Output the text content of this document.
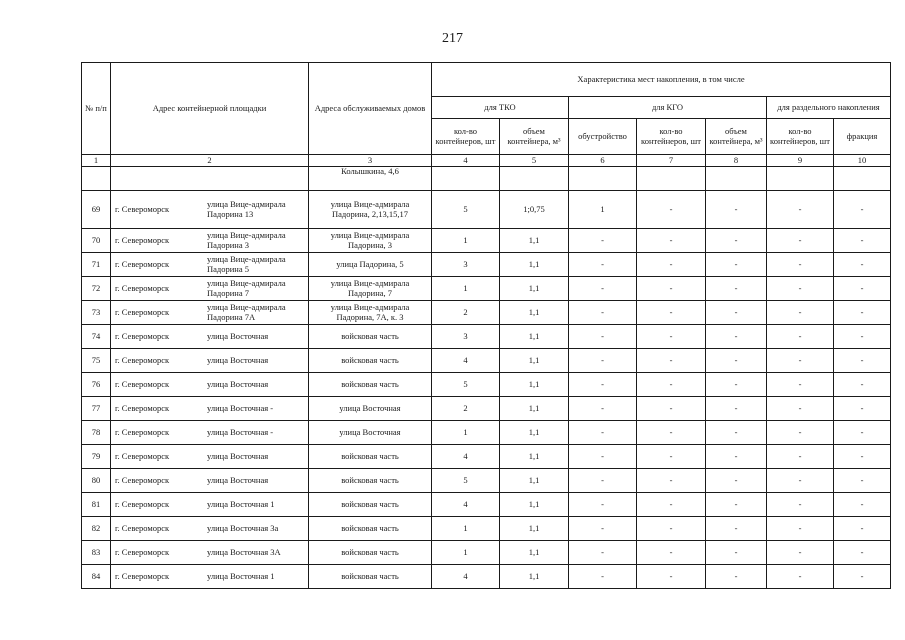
217
№ п/п	Адрес контейнерной площадки	Адреса обслуживаемых домов	Характеристика мест накопления, в том числе						
			для ТКО		для КГО			для раздельного накопления	
			кол-во контейнеров, шт	объем контейнера, м³	обустройство	кол-во контейнеров, шт	объем контейнера, м³	кол-во контейнеров, шт	фракция
1	2	3	4	5	6	7	8	9	10
		Колышкина, 4,6							
69	г. Североморск улица Вице-адмирала Падорина 13	улица Вице-адмирала Падорина, 2,13,15,17	5	1;0,75	1	-	-	-	-
70	г. Североморск улица Вице-адмирала Падорина 3	улица Вице-адмирала Падорина, 3	1	1,1	-	-	-	-	-
71	г. Североморск улица Вице-адмирала Падорина 5	улица Падорина, 5	3	1,1	-	-	-	-	-
72	г. Североморск улица Вице-адмирала Падорина 7	улица Вице-адмирала Падорина, 7	1	1,1	-	-	-	-	-
73	г. Североморск улица Вице-адмирала Падорина 7А	улица Вице-адмирала Падорина, 7А, к. 3	2	1,1	-	-	-	-	-
74	г. Североморск улица Восточная	войсковая часть	3	1,1	-	-	-	-	-
75	г. Североморск улица Восточная	войсковая часть	4	1,1	-	-	-	-	-
76	г. Североморск улица Восточная	войсковая часть	5	1,1	-	-	-	-	-
77	г. Североморск улица Восточная -	улица Восточная	2	1,1	-	-	-	-	-
78	г. Североморск улица Восточная -	улица Восточная	1	1,1	-	-	-	-	-
79	г. Североморск улица Восточная	войсковая часть	4	1,1	-	-	-	-	-
80	г. Североморск улица Восточная	войсковая часть	5	1,1	-	-	-	-	-
81	г. Североморск улица Восточная 1	войсковая часть	4	1,1	-	-	-	-	-
82	г. Североморск улица Восточная 3а	войсковая часть	1	1,1	-	-	-	-	-
83	г. Североморск улица Восточная 3А	войсковая часть	1	1,1	-	-	-	-	-
84	г. Североморск улица Восточная 1	войсковая часть	4	1,1	-	-	-	-	-
